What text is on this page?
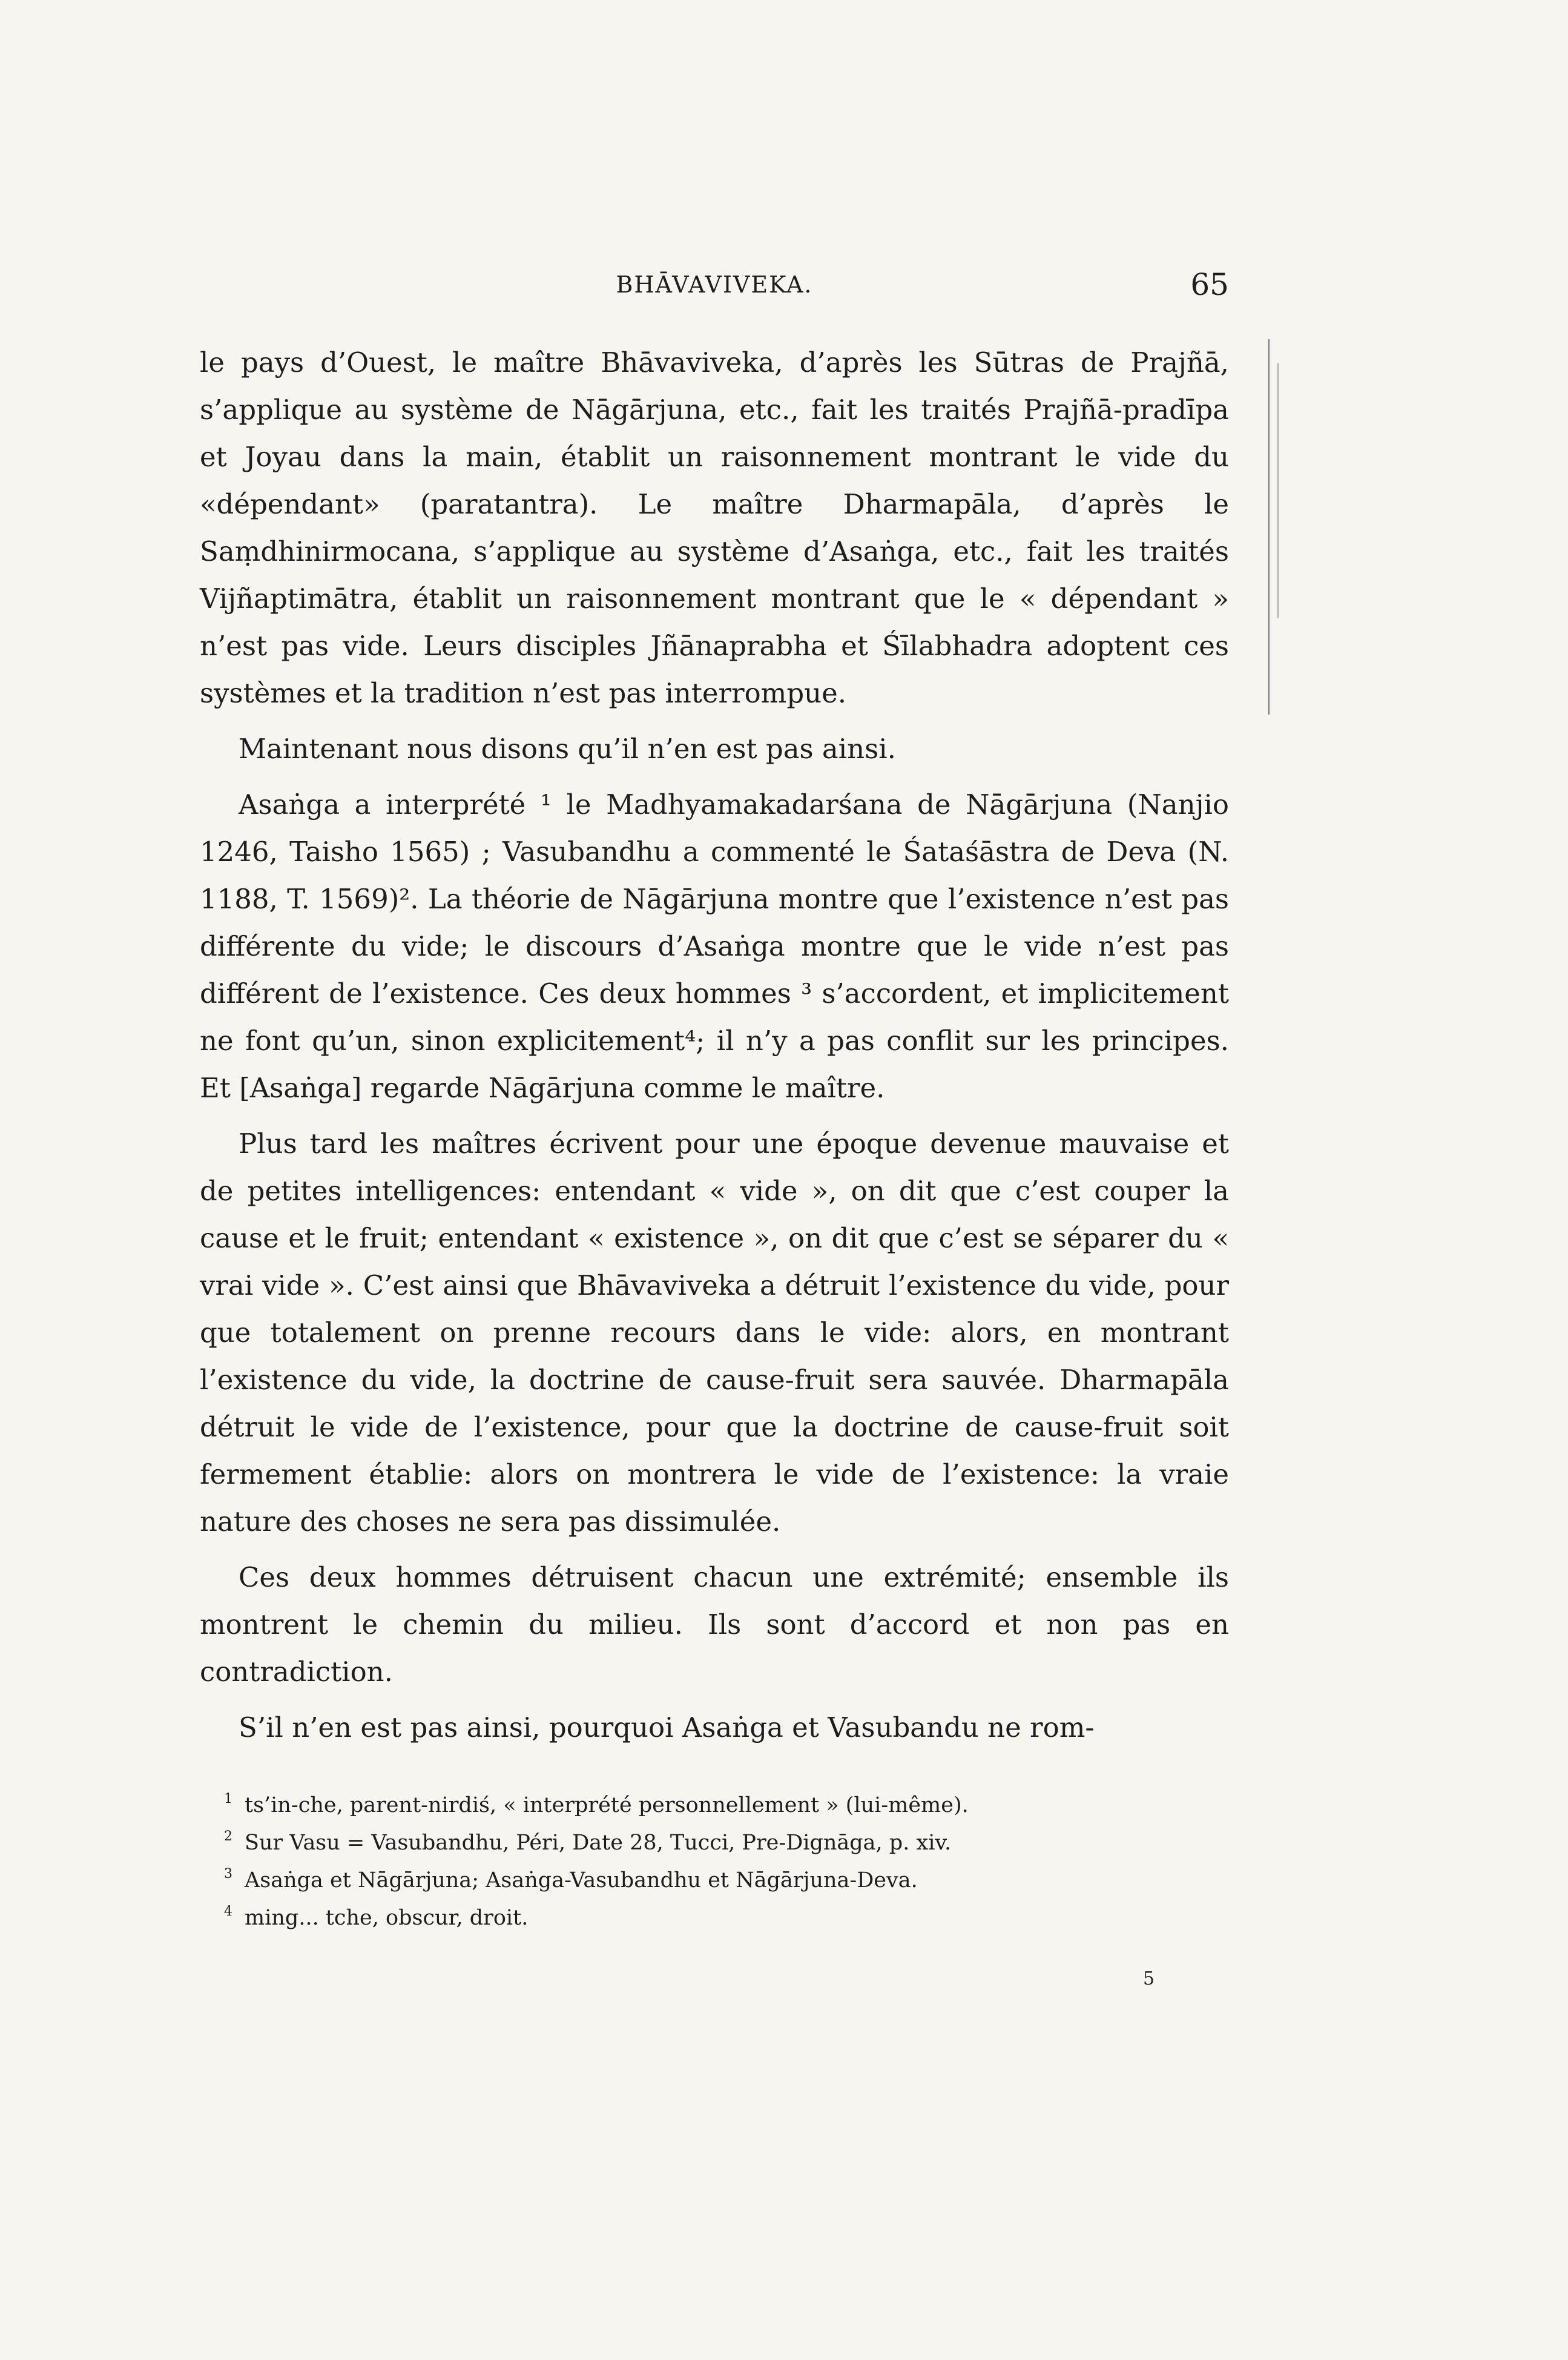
BHĀVAVIVEKA.	65

le pays d’Ouest, le maître Bhāvaviveka, d’après les Sūtras de Prajñā, s’applique au système de Nāgārjuna, etc., fait les traités Prajñā-pradīpa et Joyau dans la main, établit un raisonnement montrant le vide du «dépendant» (paratantra). Le maître Dharmapāla, d’après le Saṃdhinirmocana, s’applique au système d’Asaṅga, etc., fait les traités Vijñaptimātra, établit un raisonnement montrant que le « dépendant » n’est pas vide. Leurs disciples Jñānaprabha et Śīlabhadra adoptent ces systèmes et la tradition n’est pas interrompue.

Maintenant nous disons qu’il n’en est pas ainsi.

Asaṅga a interprété ¹ le Madhyamakadarśana de Nāgārjuna (Nanjio 1246, Taisho 1565) ; Vasubandhu a commenté le Śataśāstra de Deva (N. 1188, T. 1569)². La théorie de Nāgārjuna montre que l’existence n’est pas différente du vide; le discours d’Asaṅga montre que le vide n’est pas différent de l’existence. Ces deux hommes ³ s’accordent, et implicitement ne font qu’un, sinon explicitement⁴; il n’y a pas conflit sur les principes. Et [Asaṅga] regarde Nāgārjuna comme le maître.

Plus tard les maîtres écrivent pour une époque devenue mauvaise et de petites intelligences: entendant « vide », on dit que c’est couper la cause et le fruit; entendant « existence », on dit que c’est se séparer du « vrai vide ». C’est ainsi que Bhāvaviveka a détruit l’existence du vide, pour que totalement on prenne recours dans le vide: alors, en montrant l’existence du vide, la doctrine de cause-fruit sera sauvée. Dharmapāla détruit le vide de l’existence, pour que la doctrine de cause-fruit soit fermement établie: alors on montrera le vide de l’existence: la vraie nature des choses ne sera pas dissimulée.

Ces deux hommes détruisent chacun une extrémité; ensemble ils montrent le chemin du milieu. Ils sont d’accord et non pas en contradiction.

S’il n’en est pas ainsi, pourquoi Asaṅga et Vasubandu ne rom-

1 ts’in-che, parent-nirdiś, « interprété personnellement » (lui-même).
2 Sur Vasu = Vasubandhu, Péri, Date 28, Tucci, Pre-Dignāga, p. xiv.
3 Asaṅga et Nāgārjuna; Asaṅga-Vasubandhu et Nāgārjuna-Deva.
4 ming... tche, obscur, droit.
5
